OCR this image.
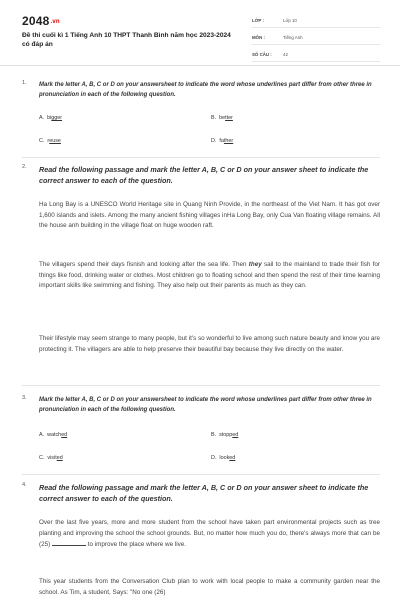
2048.vn
Đề thi cuối kì 1 Tiếng Anh 10 THPT Thanh Bình năm học 2023-2024 có đáp án
LỚP :	Lớp 10
MÔN :	Tiếng Anh
SỐ CÂU :	42
1. Mark the letter A, B, C or D on your answersheet to indicate the word whose underlines part differ from other three in pronunciation in each of the following question.
A. bigger	B. better
C. reuse	D. father
2. Read the following passage and mark the letter A, B, C or D on your answer sheet to indicate the correct answer to each of the question.
Ha Long Bay is a UNESCO World Heritage site in Quang Ninh Provide, in the northeast of the Viet Nam. It has got over 1,600 islands and islets. Among the many ancient fishing villages inHa Long Bay, only Cua Van floating village remains. All the house anh building in the village float on huge wooden raft.
The villagers spend their days fisnish and looking after the sea life. Then they sail to the mainland to trade their fish for things like food, drinking water or clothes. Most children go to floating school and then spend the rest of their time learning important skills like swimming and fishing. They also help out their parents as much as they can.
Their lifestyle may seem strange to many people, but it's so wonderful to live among such nature beauty and know you are protecting it. The villagers are able to help preserve their beautiful bay because they live directly on the water.
3. Mark the letter A, B, C or D on your answersheet to indicate the word whose underlines part differ from other three in pronunciation in each of the following question.
A. watched	B. stopped
C. visited	D. looked
4. Read the following passage and mark the letter A, B, C or D on your answer sheet to indicate the correct answer to each of the question.
Over the last five years, more and more student from the school have taken part environmental projects such as tree planting and improving the school the school grounds. But, no matter how much you do, there's always more that can be (25)	to improve the place where we live.
This year students from the Conversation Club plan to work with local people to make a community garden near the school. As Tim, a student, Says: "No one (26)
